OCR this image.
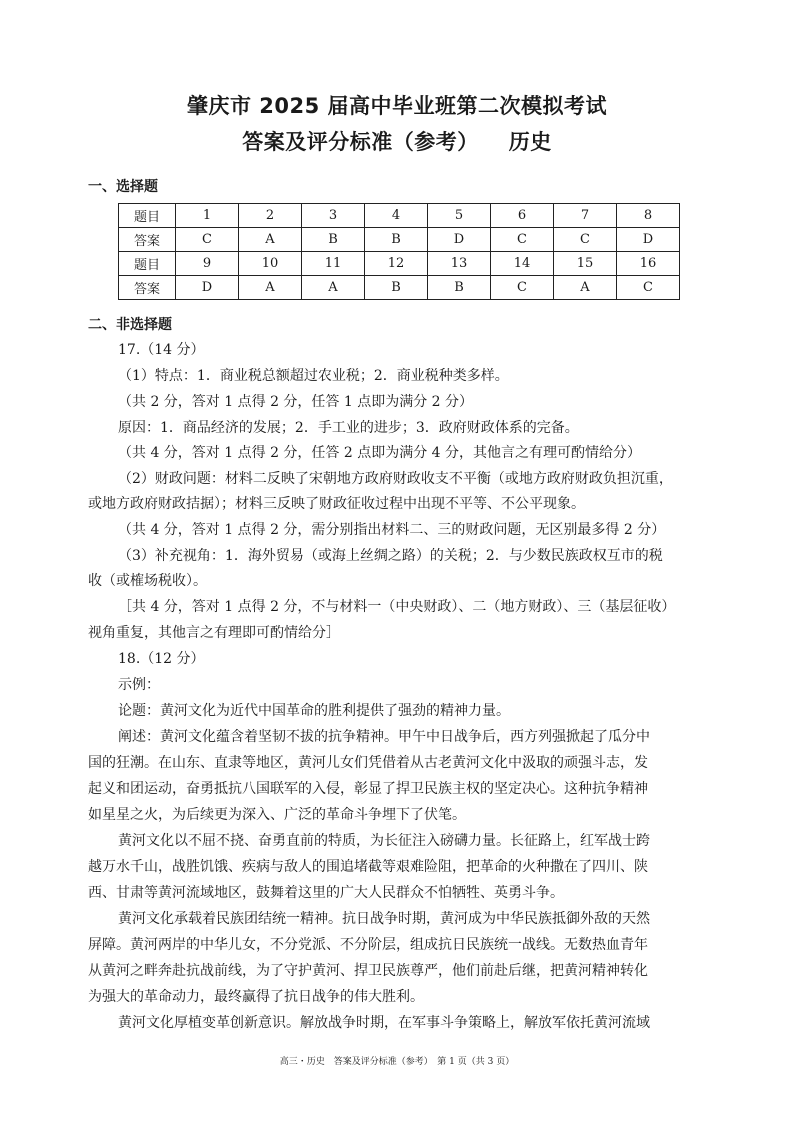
肇庆市 2025 届高中毕业班第二次模拟考试
答案及评分标准（参考） 历史
一、选择题
题目	1	2	3	4	5	6	7	8
答案	C	A	B	B	D	C	C	D
题目	9	10	11	12	13	14	15	16
答案	D	A	A	B	B	C	A	C
二、非选择题
17.（14 分）
（1）特点：1．商业税总额超过农业税；2．商业税种类多样。
（共 2 分，答对 1 点得 2 分，任答 1 点即为满分 2 分）
原因：1．商品经济的发展；2．手工业的进步；3．政府财政体系的完备。
（共 4 分，答对 1 点得 2 分，任答 2 点即为满分 4 分，其他言之有理可酌情给分）
（2）财政问题：材料二反映了宋朝地方政府财政收支不平衡（或地方政府财政负担沉重，
或地方政府财政拮据）；材料三反映了财政征收过程中出现不平等、不公平现象。
（共 4 分，答对 1 点得 2 分，需分别指出材料二、三的财政问题，无区别最多得 2 分）
（3）补充视角：1．海外贸易（或海上丝绸之路）的关税；2．与少数民族政权互市的税
收（或榷场税收）。
［共 4 分，答对 1 点得 2 分，不与材料一（中央财政）、二（地方财政）、三（基层征收）
视角重复，其他言之有理即可酌情给分］
18.（12 分）
示例：
论题：黄河文化为近代中国革命的胜利提供了强劲的精神力量。
阐述：黄河文化蕴含着坚韧不拔的抗争精神。甲午中日战争后，西方列强掀起了瓜分中
国的狂潮。在山东、直隶等地区，黄河儿女们凭借着从古老黄河文化中汲取的顽强斗志，发
起义和团运动，奋勇抵抗八国联军的入侵，彰显了捍卫民族主权的坚定决心。这种抗争精神
如星星之火，为后续更为深入、广泛的革命斗争埋下了伏笔。
黄河文化以不屈不挠、奋勇直前的特质，为长征注入磅礴力量。长征路上，红军战士跨
越万水千山，战胜饥饿、疾病与敌人的围追堵截等艰难险阻，把革命的火种撒在了四川、陕
西、甘肃等黄河流域地区，鼓舞着这里的广大人民群众不怕牺牲、英勇斗争。
黄河文化承载着民族团结统一精神。抗日战争时期，黄河成为中华民族抵御外敌的天然
屏障。黄河两岸的中华儿女，不分党派、不分阶层，组成抗日民族统一战线。无数热血青年
从黄河之畔奔赴抗战前线，为了守护黄河、捍卫民族尊严，他们前赴后继，把黄河精神转化
为强大的革命动力，最终赢得了抗日战争的伟大胜利。
黄河文化厚植变革创新意识。解放战争时期，在军事斗争策略上，解放军依托黄河流域
高三・历史　答案及评分标准（参考）　第 1 页（共 3 页）
